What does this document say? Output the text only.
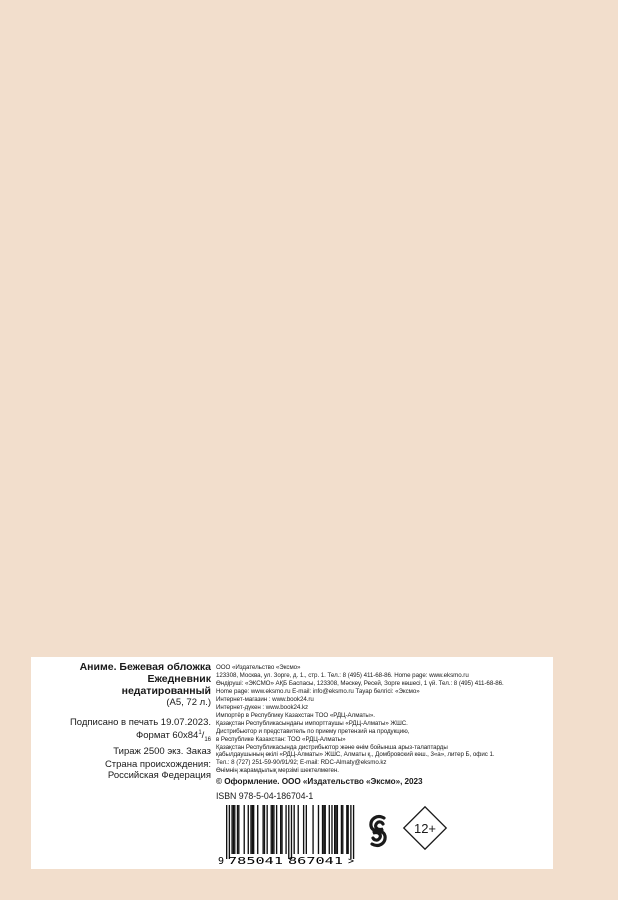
Аниме. Бежевая обложка
Ежедневник
недатированный
(А5, 72 л.)
Подписано в печать 19.07.2023.
Формат $60x84^1/_{16}$
Тираж 2500 экз. Заказ
Страна происхождения:
Российская Федерация
ООО «Издательство «Эксмо»
123308, Москва, ул. Зорге, д. 1., стр. 1. Тел.: 8 (495) 411-68-86. Home page: www.eksmo.ru
Өндіруші: «ЭКСМО» АҚБ Баспасы, 123308, Мәскеу, Ресей, Зорге көшесі, 1 үй. Тел.: 8 (495) 411-68-86.
Home page: www.eksmo.ru E-mail: info@eksmo.ru Тауар белгісі: «Эксмо»
Интернет-магазин : www.book24.ru
Интернет-дүкен : www.book24.kz
Импортёр в Республику Казахстан ТОО «РДЦ-Алматы».
Қазақстан Республикасындағы импорттаушы «РДЦ-Алматы» ЖШС.
Дистрибьютор и представитель по приему претензий на продукцию,
в Республике Казахстан: ТОО «РДЦ-Алматы»
Қазақстан Республикасында дистрибьютор және өнім бойынша арыз-талаптарды
қабылдаушының өкілі «РДЦ-Алматы» ЖШС, Алматы қ., Домбровский көш., 3«а», литер Б, офис 1.
Тел.: 8 (727) 251-59-90/91/92; E-mail: RDC-Almaty@eksmo.kz
Өнімнің жарамдылық мерзімі шектелмеген.
© Оформление. ООО «Издательство «Эксмо», 2023
ISBN 978-5-04-186704-1
9 785041 867041 >
12+
